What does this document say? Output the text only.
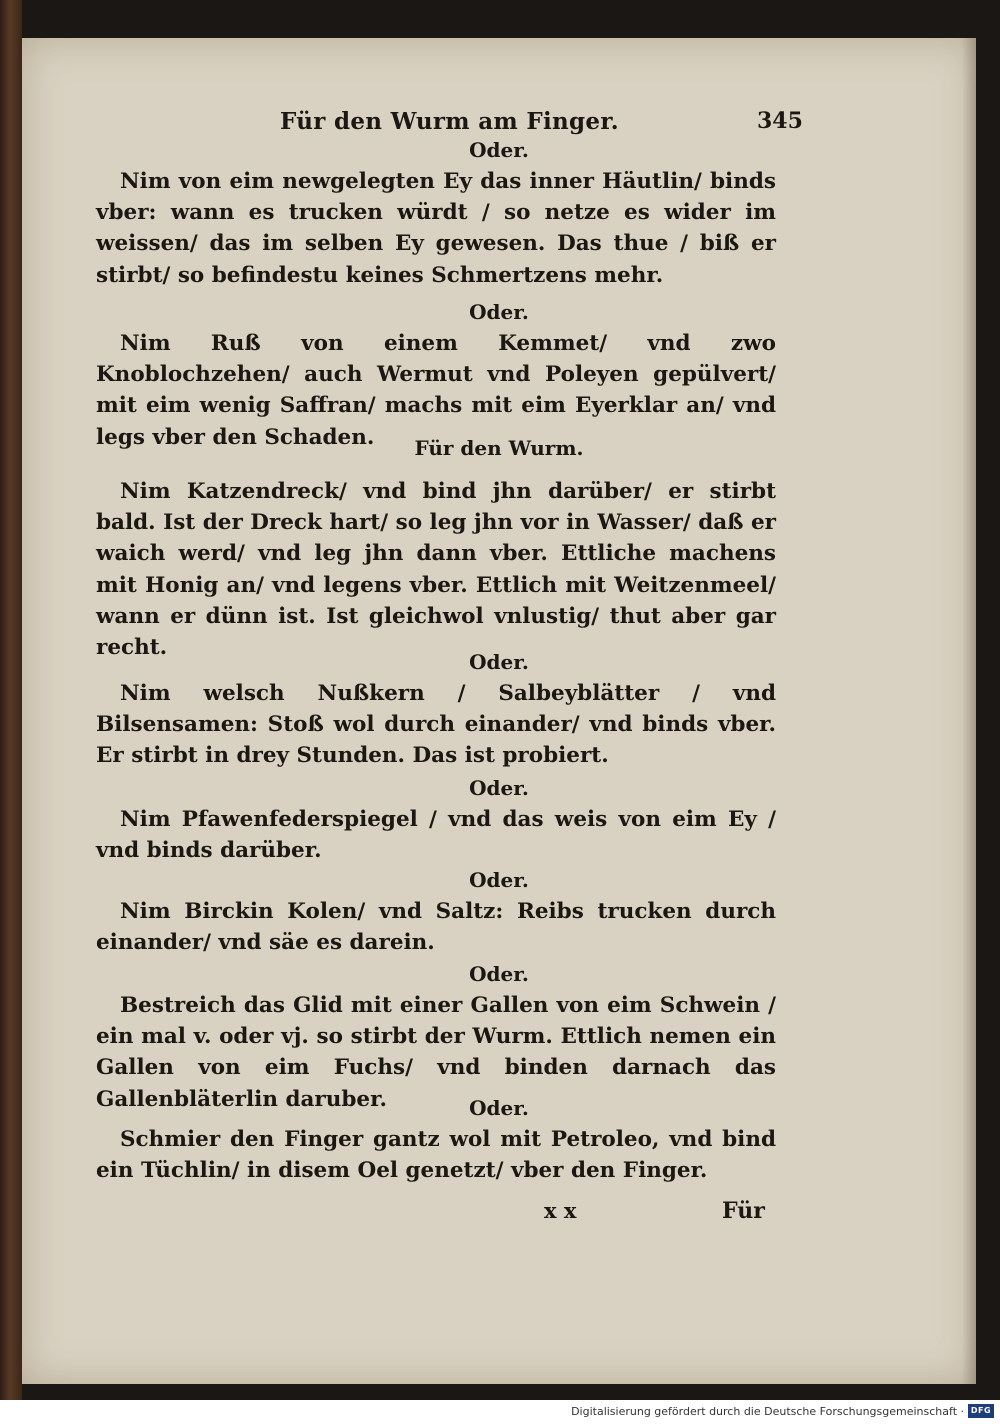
Für den Wurm am Finger.	345
Oder.
Nim von eim newgelegten Ey das inner Häutlin/ binds vber: wann es trucken würdt / so netze es wider im weissen/ das im selben Ey gewesen. Das thue / biß er stirbt/ so befindestu keines Schmertzens mehr.
Oder.
Nim Ruß von einem Kemmet/ vnd zwo Knoblochzehen/ auch Wermut vnd Poleyen gepülvert/ mit eim wenig Saffran/ machs mit eim Eyerklar an/ vnd legs vber den Schaden.	Für den Wurm.
Nim Katzendreck/ vnd bind jhn darüber/ er stirbt bald. Ist der Dreck hart/ so leg jhn vor in Wasser/ daß er waich werd/ vnd leg jhn dann vber. Ettliche machens mit Honig an/ vnd legens vber. Ettlich mit Weitzenmeel/ wann er dünn ist. Ist gleichwol vnlustig/ thut aber gar recht.
Oder.
Nim welsch Nußkern / Salbeyblätter / vnd Bilsensamen: Stoß wol durch einander/ vnd binds vber. Er stirbt in drey Stunden. Das ist probiert.
Oder.
Nim Pfawenfederspiegel / vnd das weis von eim Ey / vnd binds darüber.
Oder.
Nim Birckin Kolen/ vnd Saltz: Reibs trucken durch einander/ vnd säe es darein.
Oder.
Bestreich das Glid mit einer Gallen von eim Schwein / ein mal v. oder vj. so stirbt der Wurm. Ettlich nemen ein Gallen von eim Fuchs/ vnd binden darnach das Gallenbläterlin daruber.	Oder.
Schmier den Finger gantz wol mit Petroleo, vnd bind ein Tüchlin/ in disem Oel genetzt/ vber den Finger.
x x	Für
Digitalisierung gefördert durch die Deutsche Forschungsgemeinschaft · DFG
